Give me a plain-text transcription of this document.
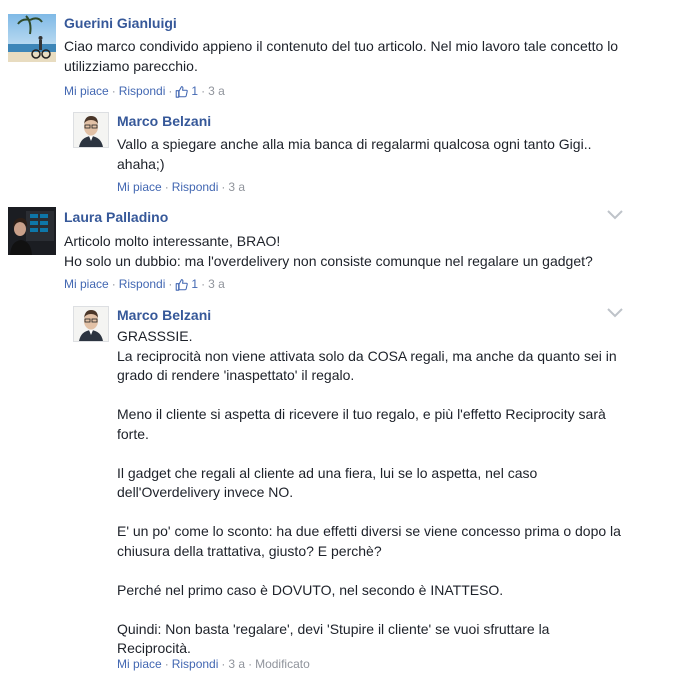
Guerini Gianluigi

Ciao marco condivido appieno il contenuto del tuo articolo. Nel mio lavoro tale concetto lo
utilizziamo parecchio.

Mi piace · Rispondi · 1 · 3 a
Marco Belzani

Vallo a spiegare anche alla mia banca di regalarmi qualcosa ogni tanto Gigi..
ahaha;)

Mi piace · Rispondi · 3 a
Laura Palladino

Articolo molto interessante, BRAO!
Ho solo un dubbio: ma l'overdelivery non consiste comunque nel regalare un gadget?

Mi piace · Rispondi · 1 · 3 a
Marco Belzani

GRASSSIE.
La reciprocità non viene attivata solo da COSA regali, ma anche da quanto sei in
grado di rendere 'inaspettato' il regalo.

Meno il cliente si aspetta di ricevere il tuo regalo, e più l'effetto Reciprocity sarà
forte.

Il gadget che regali al cliente ad una fiera, lui se lo aspetta, nel caso
dell'Overdelivery invece NO.

E' un po' come lo sconto: ha due effetti diversi se viene concesso prima o dopo la
chiusura della trattativa, giusto? E perchè?

Perché nel primo caso è DOVUTO, nel secondo è INATTESO.

Quindi: Non basta 'regalare', devi 'Stupire il cliente' se vuoi sfruttare la
Reciprocità.

Mi piace · Rispondi · 3 a · Modificato
